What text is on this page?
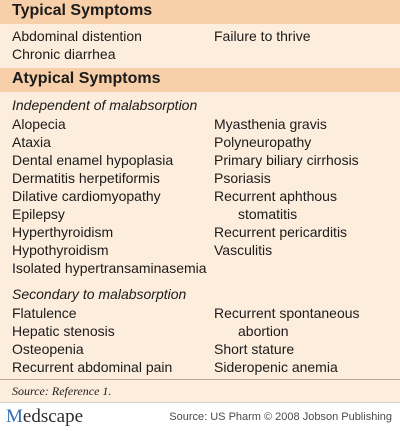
Typical Symptoms
Abdominal distention
Chronic diarrhea
Failure to thrive
Atypical Symptoms
Independent of malabsorption
Alopecia
Ataxia
Dental enamel hypoplasia
Dermatitis herpetiformis
Dilative cardiomyopathy
Epilepsy
Hyperthyroidism
Hypothyroidism
Isolated hypertransaminasemia
Myasthenia gravis
Polyneuropathy
Primary biliary cirrhosis
Psoriasis
Recurrent aphthous
stomatitis
Recurrent pericarditis
Vasculitis
Secondary to malabsorption
Flatulence
Hepatic stenosis
Osteopenia
Recurrent abdominal pain
Recurrent spontaneous
abortion
Short stature
Sideropenic anemia
Source: Reference 1.
Medscape	Source: US Pharm © 2008 Jobson Publishing
